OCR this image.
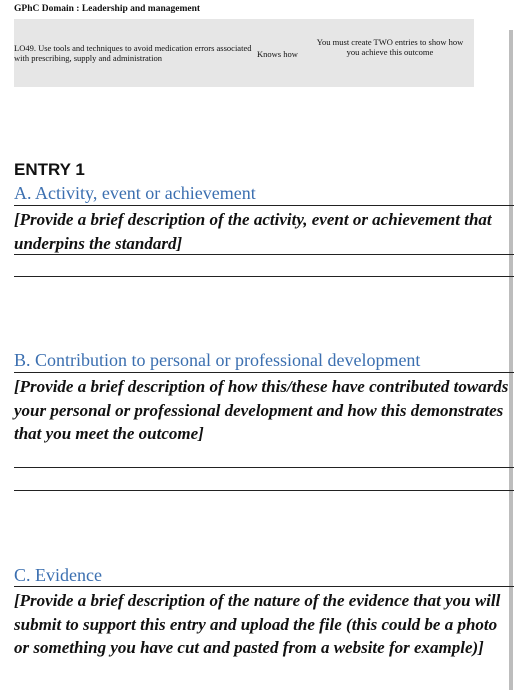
GPhC Domain : Leadership and management
LO49. Use tools and techniques to avoid medication errors associated with prescribing, supply and administration	Knows how
You must create TWO entries to show how you achieve this outcome
ENTRY 1
A. Activity, event or achievement
[Provide a brief description of the activity, event or achievement that underpins the standard]
B. Contribution to personal or professional development
[Provide a brief description of how this/these have contributed towards your personal or professional development and how this demonstrates that you meet the outcome]
C. Evidence
[Provide a brief description of the nature of the evidence that you will submit to support this entry and upload the file (this could be a photo or something you have cut and pasted from a website for example)]
